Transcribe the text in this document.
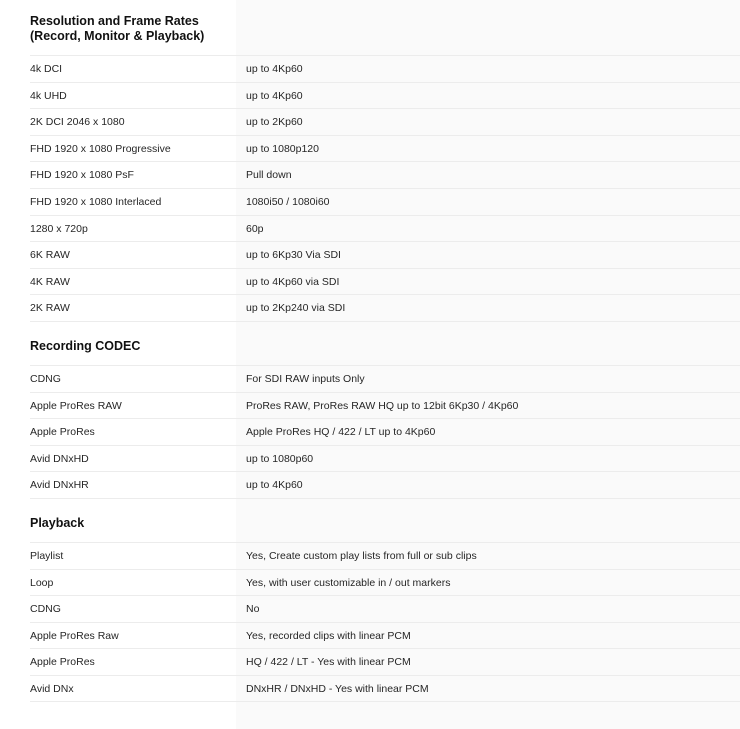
Resolution and Frame Rates (Record, Monitor & Playback)
4k DCI	up to 4Kp60
4k UHD	up to 4Kp60
2K DCI 2046 x 1080	up to 2Kp60
FHD 1920 x 1080 Progressive	up to 1080p120
FHD 1920 x 1080 PsF	Pull down
FHD 1920 x 1080 Interlaced	1080i50 / 1080i60
1280 x 720p	60p
6K RAW	up to 6Kp30 Via SDI
4K RAW	up to 4Kp60 via SDI
2K RAW	up to 2Kp240 via SDI
Recording CODEC
CDNG	For SDI RAW inputs Only
Apple ProRes RAW	ProRes RAW, ProRes RAW HQ up to 12bit 6Kp30 / 4Kp60
Apple ProRes	Apple ProRes HQ / 422 / LT up to 4Kp60
Avid DNxHD	up to 1080p60
Avid DNxHR	up to 4Kp60
Playback
Playlist	Yes, Create custom play lists from full or sub clips
Loop	Yes, with user customizable in / out markers
CDNG	No
Apple ProRes Raw	Yes, recorded clips with linear PCM
Apple ProRes	HQ / 422 / LT - Yes with linear PCM
Avid DNx	DNxHR / DNxHD - Yes with linear PCM
